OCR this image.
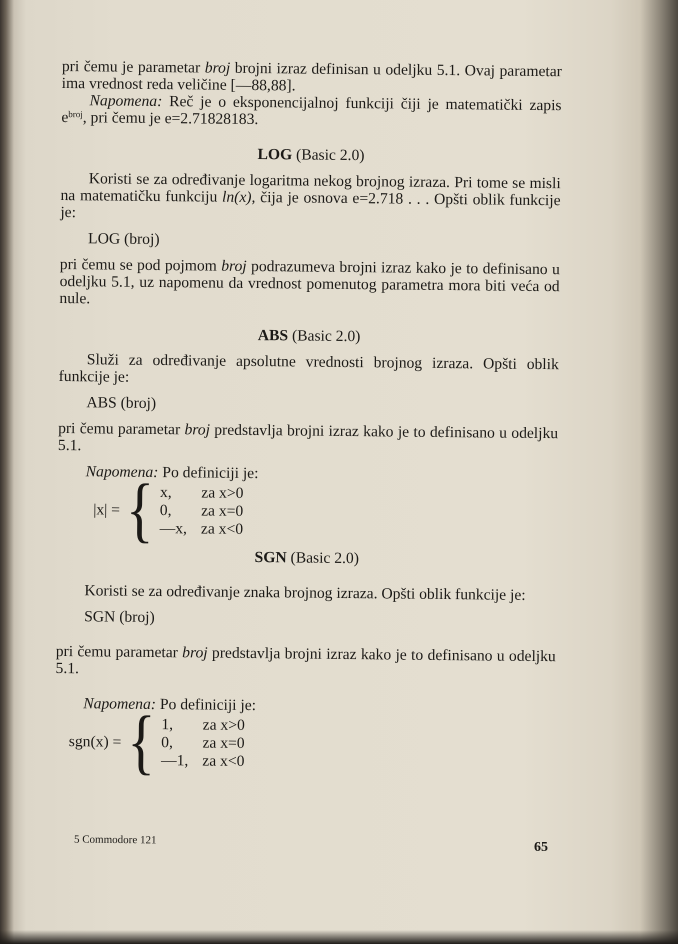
pri čemu je parametar broj brojni izraz definisan u odeljku 5.1. Ovaj parametar ima vrednost reda veličine [—88,88].

Napomena: Reč je o eksponencijalnoj funkciji čiji je matematički zapis $e^{broj}$, pri čemu je e=2.71828183.

LOG (Basic 2.0)

Koristi se za određivanje logaritma nekog brojnog izraza. Pri tome se misli na matematičku funkciju ln(x), čija je osnova e=2.718 . . . Opšti oblik funkcije je:

LOG (broj)

pri čemu se pod pojmom broj podrazumeva brojni izraz kako je to definisano u odeljku 5.1, uz napomenu da vrednost pomenutog parametra mora biti veća od nule.

ABS (Basic 2.0)

Služi za određivanje apsolutne vrednosti brojnog izraza. Opšti oblik funkcije je:

ABS (broj)

pri čemu parametar broj predstavlja brojni izraz kako je to definisano u odeljku 5.1.

Napomena: Po definiciji je:

|x| = { x,	za x>0
0,	za x=0
—x, za x<0

SGN (Basic 2.0)

Koristi se za određivanje znaka brojnog izraza. Opšti oblik funkcije je:

SGN (broj)

pri čemu parametar broj predstavlja brojni izraz kako je to definisano u odeljku 5.1.

Napomena: Po definiciji je:

sgn(x) = { 1,	za x>0
0,	za x=0
—1, za x<0
5 Commodore 121	65
